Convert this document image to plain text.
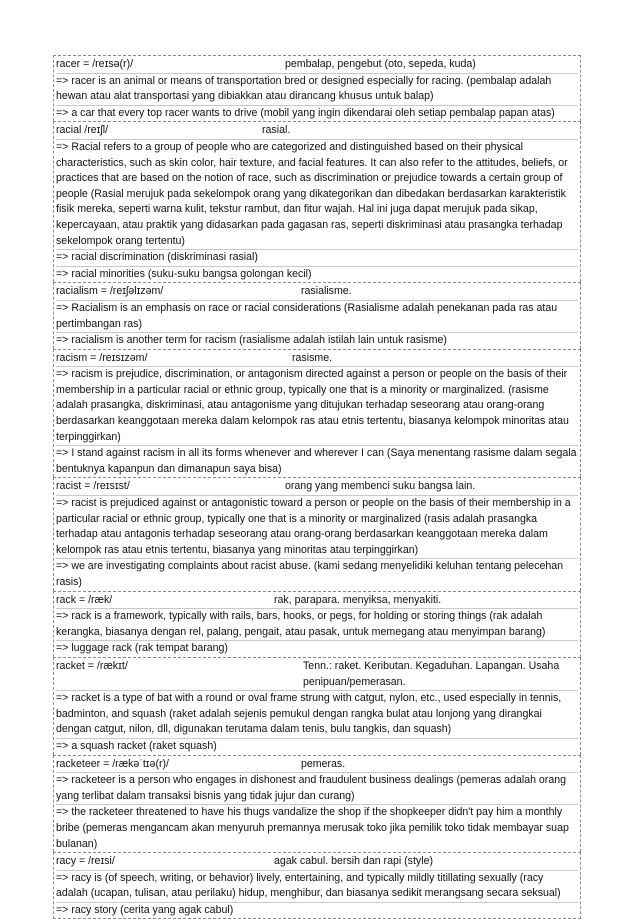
racer = /reɪsə(r)/	pembalap, pengebut (oto, sepeda, kuda)

=> racer is an animal or means of transportation bred or designed especially for racing. (pembalap adalah hewan atau alat transportasi yang dibiakkan atau dirancang khusus untuk balap)

=> a car that every top racer wants to drive (mobil yang ingin dikendarai oleh setiap pembalap papan atas)

racial /reɪʃl/	rasial.

=> Racial refers to a group of people who are categorized and distinguished based on their physical characteristics, such as skin color, hair texture, and facial features. It can also refer to the attitudes, beliefs, or practices that are based on the notion of race, such as discrimination or prejudice towards a certain group of people (Rasial merujuk pada sekelompok orang yang dikategorikan dan dibedakan berdasarkan karakteristik fisik mereka, seperti warna kulit, tekstur rambut, dan fitur wajah. Hal ini juga dapat merujuk pada sikap, kepercayaan, atau praktik yang didasarkan pada gagasan ras, seperti diskriminasi atau prasangka terhadap sekelompok orang tertentu)

=> racial discrimination (diskriminasi rasial)

=> racial minorities (suku-suku bangsa golongan kecil)

racialism = /reɪʃəlɪzəm/	rasialisme.

=> Racialism is an emphasis on race or racial considerations (Rasialisme adalah penekanan pada ras atau pertimbangan ras)

=> racialism is another term for racism (rasialisme adalah istilah lain untuk rasisme)

racism = /reɪsɪzəm/	rasisme.

=> racism is prejudice, discrimination, or antagonism directed against a person or people on the basis of their membership in a particular racial or ethnic group, typically one that is a minority or marginalized. (rasisme adalah prasangka, diskriminasi, atau antagonisme yang ditujukan terhadap seseorang atau orang-orang berdasarkan keanggotaan mereka dalam kelompok ras atau etnis tertentu, biasanya kelompok minoritas atau terpinggirkan)

=> I stand against racism in all its forms whenever and wherever I can (Saya menentang rasisme dalam segala bentuknya kapanpun dan dimanapun saya bisa)

racist = /reɪsɪst/	orang yang membenci suku bangsa lain.

=> racist is prejudiced against or antagonistic toward a person or people on the basis of their membership in a particular racial or ethnic group, typically one that is a minority or marginalized (rasis adalah prasangka terhadap atau antagonis terhadap seseorang atau orang-orang berdasarkan keanggotaan mereka dalam kelompok ras atau etnis tertentu, biasanya yang minoritas atau terpinggirkan)

=> we are investigating complaints about racist abuse. (kami sedang menyelidiki keluhan tentang pelecehan rasis)

rack = /ræk/	rak, parapara. menyiksa, menyakiti.

=> rack is a framework, typically with rails, bars, hooks, or pegs, for holding or storing things (rak adalah kerangka, biasanya dengan rel, palang, pengait, atau pasak, untuk memegang atau menyimpan barang)

=> luggage rack (rak tempat barang)

racket = /rækɪt/	Tenn.: raket. Keributan. Kegaduhan. Lapangan. Usaha penipuan/pemerasan.

=> racket is a type of bat with a round or oval frame strung with catgut, nylon, etc., used especially in tennis, badminton, and squash (raket adalah sejenis pemukul dengan rangka bulat atau lonjong yang dirangkai dengan catgut, nilon, dll, digunakan terutama dalam tenis, bulu tangkis, dan squash)

=> a squash racket (raket squash)

racketeer = /rækəˈtɪə(r)/	pemeras.

=> racketeer is a person who engages in dishonest and fraudulent business dealings (pemeras adalah orang yang terlibat dalam transaksi bisnis yang tidak jujur dan curang)

=> the racketeer threatened to have his thugs vandalize the shop if the shopkeeper didn't pay him a monthly bribe (pemeras mengancam akan menyuruh premannya merusak toko jika pemilik toko tidak membayar suap bulanan)

racy = /reɪsi/	agak cabul. bersih dan rapi (style)

=> racy is (of speech, writing, or behavior) lively, entertaining, and typically mildly titillating sexually (racy adalah (ucapan, tulisan, atau perilaku) hidup, menghibur, dan biasanya sedikit merangsang secara seksual)

=> racy story (cerita yang agak cabul)
